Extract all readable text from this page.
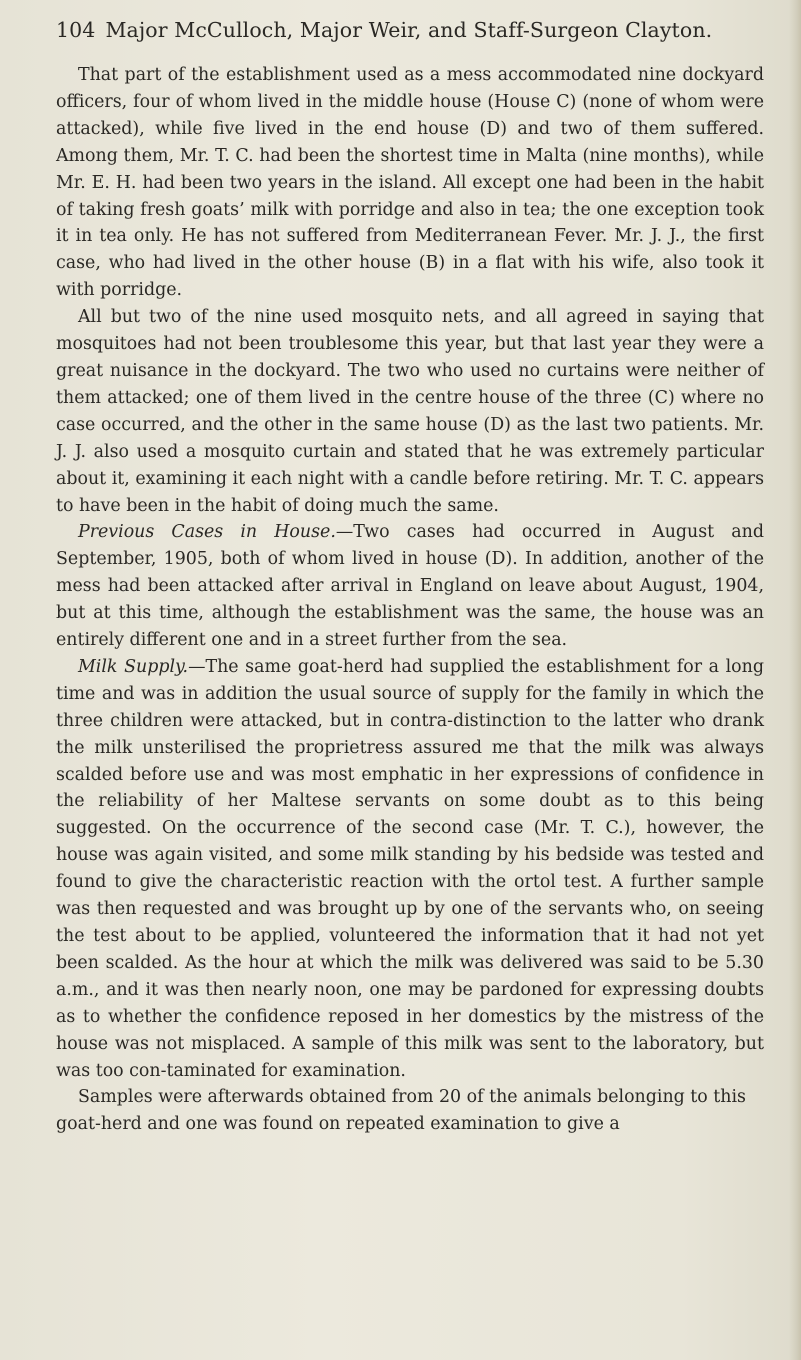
104 Major McCulloch, Major Weir, and Staff-Surgeon Clayton.

That part of the establishment used as a mess accommodated nine dockyard officers, four of whom lived in the middle house (House C) (none of whom were attacked), while five lived in the end house (D) and two of them suffered. Among them, Mr. T. C. had been the shortest time in Malta (nine months), while Mr. E. H. had been two years in the island. All except one had been in the habit of taking fresh goats’ milk with porridge and also in tea; the one exception took it in tea only. He has not suffered from Mediterranean Fever. Mr. J. J., the first case, who had lived in the other house (B) in a flat with his wife, also took it with porridge.

All but two of the nine used mosquito nets, and all agreed in saying that mosquitoes had not been troublesome this year, but that last year they were a great nuisance in the dockyard. The two who used no curtains were neither of them attacked; one of them lived in the centre house of the three (C) where no case occurred, and the other in the same house (D) as the last two patients. Mr. J. J. also used a mosquito curtain and stated that he was extremely particular about it, examining it each night with a candle before retiring. Mr. T. C. appears to have been in the habit of doing much the same.

Previous Cases in House.—Two cases had occurred in August and September, 1905, both of whom lived in house (D). In addition, another of the mess had been attacked after arrival in England on leave about August, 1904, but at this time, although the establishment was the same, the house was an entirely different one and in a street further from the sea.

Milk Supply.—The same goat-herd had supplied the establishment for a long time and was in addition the usual source of supply for the family in which the three children were attacked, but in contra-distinction to the latter who drank the milk unsterilised the proprietress assured me that the milk was always scalded before use and was most emphatic in her expressions of confidence in the reliability of her Maltese servants on some doubt as to this being suggested. On the occurrence of the second case (Mr. T. C.), however, the house was again visited, and some milk standing by his bedside was tested and found to give the characteristic reaction with the ortol test. A further sample was then requested and was brought up by one of the servants who, on seeing the test about to be applied, volunteered the information that it had not yet been scalded. As the hour at which the milk was delivered was said to be 5.30 a.m., and it was then nearly noon, one may be pardoned for expressing doubts as to whether the confidence reposed in her domestics by the mistress of the house was not misplaced. A sample of this milk was sent to the laboratory, but was too con-taminated for examination.

Samples were afterwards obtained from 20 of the animals belonging to this goat-herd and one was found on repeated examination to give a
